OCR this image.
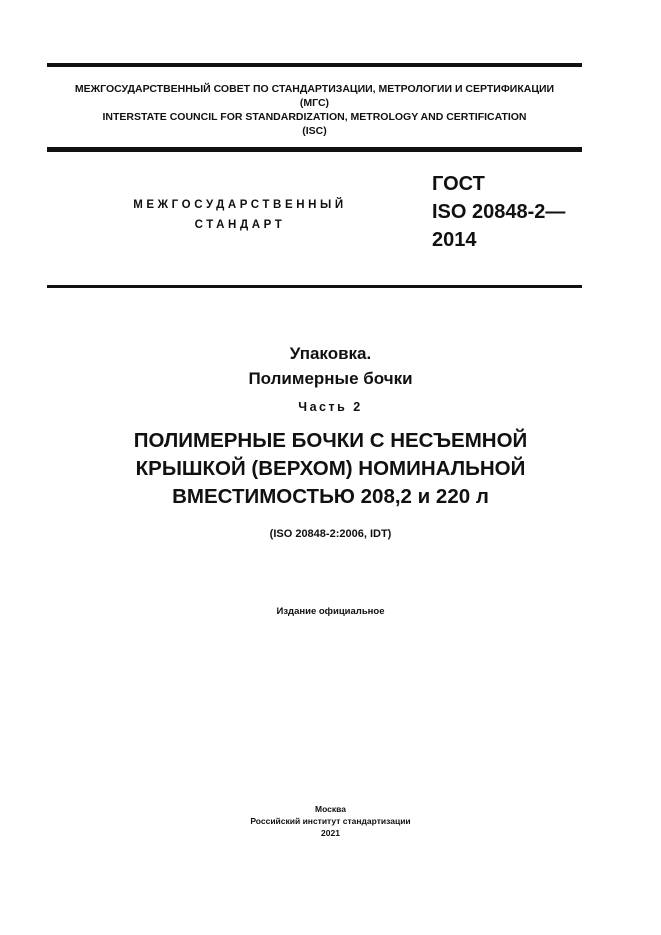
МЕЖГОСУДАРСТВЕННЫЙ СОВЕТ ПО СТАНДАРТИЗАЦИИ, МЕТРОЛОГИИ И СЕРТИФИКАЦИИ
(МГС)
INTERSTATE COUNCIL FOR STANDARDIZATION, METROLOGY AND CERTIFICATION
(ISC)
МЕЖГОСУДАРСТВЕННЫЙ
СТАНДАРТ
ГОСТ
ISO 20848-2—
2014
Упаковка.
Полимерные бочки
Часть 2
ПОЛИМЕРНЫЕ БОЧКИ С НЕСЪЕМНОЙ
КРЫШКОЙ (ВЕРХОМ) НОМИНАЛЬНОЙ
ВМЕСТИМОСТЬЮ 208,2 и 220 л
(ISO 20848-2:2006, IDT)
Издание официальное
Москва
Российский институт стандартизации
2021
